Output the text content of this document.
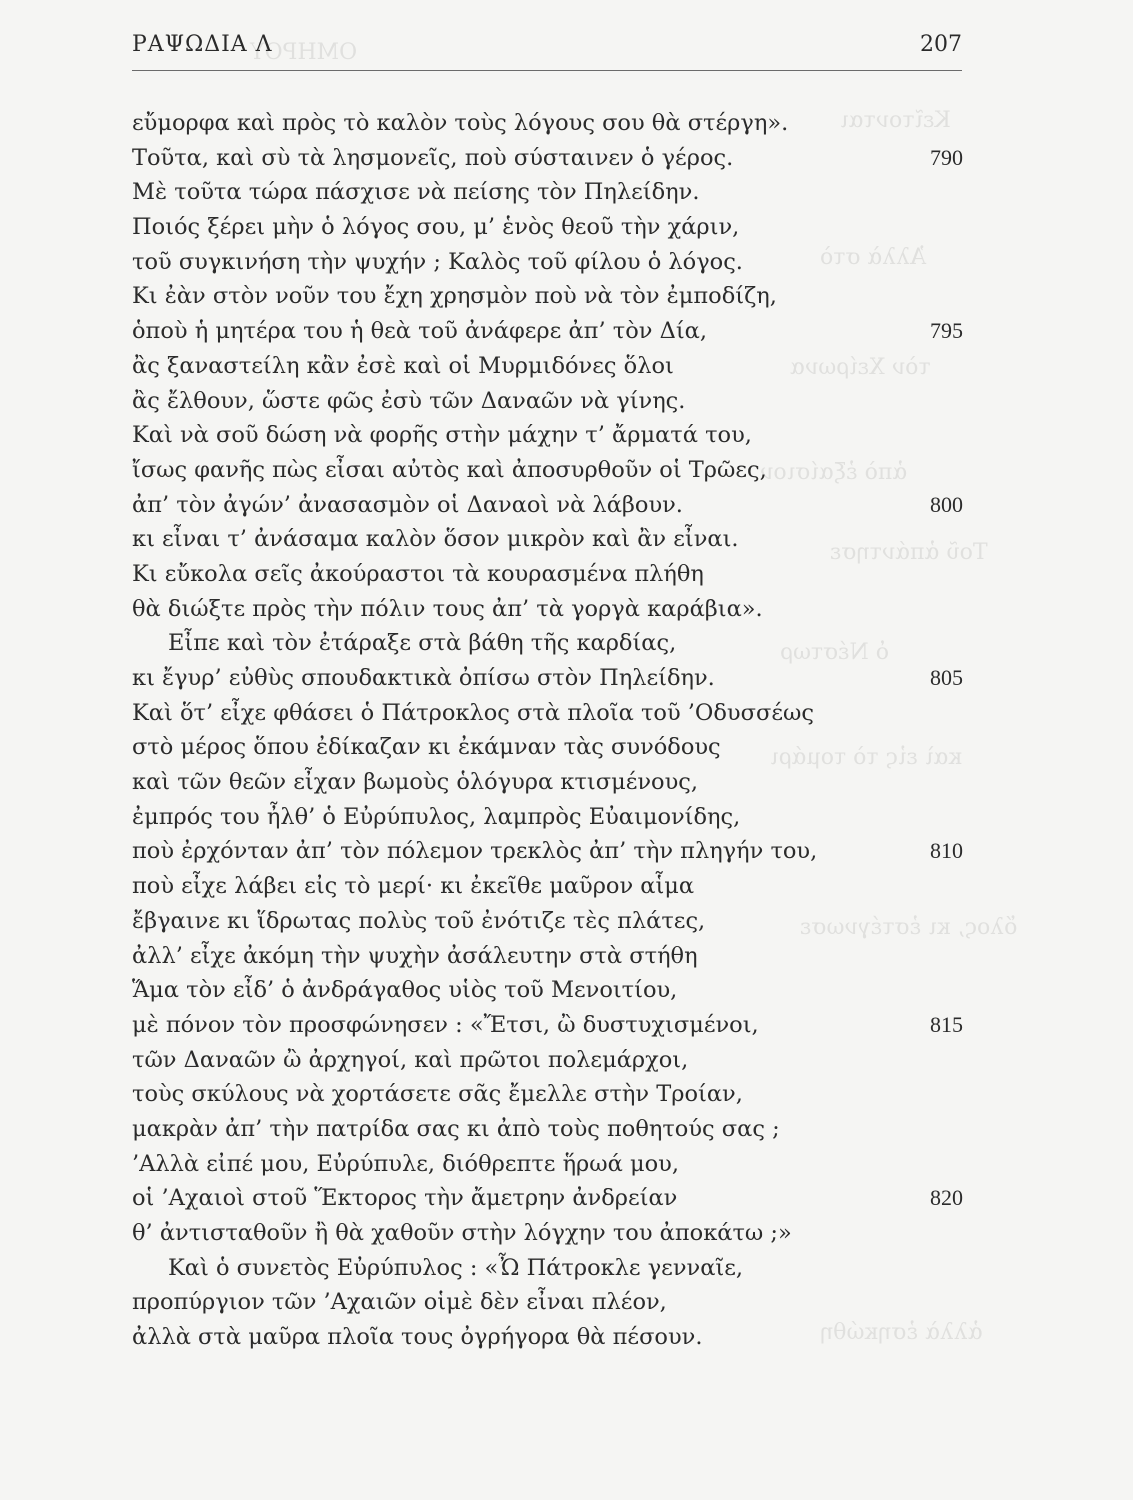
ΟΜΗΡΟΥ
Κεῖτονται
Ἀλλὰ στὸ
τὸν Χείρωνα
ἀπὸ ἐξαίσιον
Τοῦ ἀπάντησε
ὁ Νέστωρ
καὶ εἰς τὸ τομάρι
ὅλος, κι ἐστέγνωσε
ἀλλὰ ἐσηκώθη
ΡΑΨΩΔΙΑ Λ	207
εὔμορφα καὶ πρὸς τὸ καλὸν τοὺς λόγους σου θὰ στέργη».
Τοῦτα, καὶ σὺ τὰ λησμονεῖς, ποὺ σύσταινεν ὁ γέρος.	790
Μὲ τοῦτα τώρα πάσχισε νὰ πείσης τὸν Πηλείδην.
Ποιός ξέρει μὴν ὁ λόγος σου, μ’ ἑνὸς θεοῦ τὴν χάριν,
τοῦ συγκινήση τὴν ψυχήν ; Καλὸς τοῦ φίλου ὁ λόγος.
Κι ἐὰν στὸν νοῦν του ἔχη χρησμὸν ποὺ νὰ τὸν ἐμποδίζη,
ὁποὺ ἡ μητέρα του ἡ θεὰ τοῦ ἀνάφερε ἀπ’ τὸν Δία,	795
ἂς ξαναστείλη κἂν ἐσὲ καὶ οἱ Μυρμιδόνες ὅλοι
ἂς ἔλθουν, ὥστε φῶς ἐσὺ τῶν Δαναῶν νὰ γίνης.
Καὶ νὰ σοῦ δώση νὰ φορῆς στὴν μάχην τ’ ἄρματά του,
ἴσως φανῆς πὼς εἶσαι αὐτὸς καὶ ἀποσυρθοῦν οἱ Τρῶες,
ἀπ’ τὸν ἀγών’ ἀνασασμὸν οἱ Δαναοὶ νὰ λάβουν.	800
κι εἶναι τ’ ἀνάσαμα καλὸν ὅσον μικρὸν καὶ ἂν εἶναι.
Κι εὔκολα σεῖς ἀκούραστοι τὰ κουρασμένα πλήθη
θὰ διώξτε πρὸς τὴν πόλιν τους ἀπ’ τὰ γοργὰ καράβια».
Εἶπε καὶ τὸν ἐτάραξε στὰ βάθη τῆς καρδίας,
κι ἔγυρ’ εὐθὺς σπουδακτικὰ ὀπίσω στὸν Πηλείδην.	805
Καὶ ὅτ’ εἶχε φθάσει ὁ Πάτροκλος στὰ πλοῖα τοῦ ’Οδυσσέως
στὸ μέρος ὅπου ἐδίκαζαν κι ἐκάμναν τὰς συνόδους
καὶ τῶν θεῶν εἶχαν βωμοὺς ὁλόγυρα κτισμένους,
ἐμπρός του ἦλθ’ ὁ Εὐρύπυλος, λαμπρὸς Εὐαιμονίδης,
ποὺ ἐρχόνταν ἀπ’ τὸν πόλεμον τρεκλὸς ἀπ’ τὴν πληγήν του,	810
ποὺ εἶχε λάβει εἰς τὸ μερί· κι ἐκεῖθε μαῦρον αἷμα
ἔβγαινε κι ἵδρωτας πολὺς τοῦ ἐνότιζε τὲς πλάτες,
ἀλλ’ εἶχε ἀκόμη τὴν ψυχὴν ἀσάλευτην στὰ στήθη
Ἅμα τὸν εἶδ’ ὁ ἀνδράγαθος υἱὸς τοῦ Μενοιτίου,
μὲ πόνον τὸν προσφώνησεν : «Ἔτσι, ὢ δυστυχισμένοι,	815
τῶν Δαναῶν ὢ ἀρχηγοί, καὶ πρῶτοι πολεμάρχοι,
τοὺς σκύλους νὰ χορτάσετε σᾶς ἔμελλε στὴν Τροίαν,
μακρὰν ἀπ’ τὴν πατρίδα σας κι ἀπὸ τοὺς ποθητούς σας ;
’Αλλὰ εἰπέ μου, Εὐρύπυλε, διόθρεπτε ἥρωά μου,
οἱ ’Αχαιοὶ στοῦ Ἕκτορος τὴν ἄμετρην ἀνδρείαν	820
θ’ ἀντισταθοῦν ἢ θὰ χαθοῦν στὴν λόγχην του ἀποκάτω ;»
Καὶ ὁ συνετὸς Εὐρύπυλος : «Ὦ Πάτροκλε γενναῖε,
προπύργιον τῶν ’Αχαιῶν οἱμὲ δὲν εἶναι πλέον,
ἀλλὰ στὰ μαῦρα πλοῖα τους ὀγρήγορα θὰ πέσουν.
